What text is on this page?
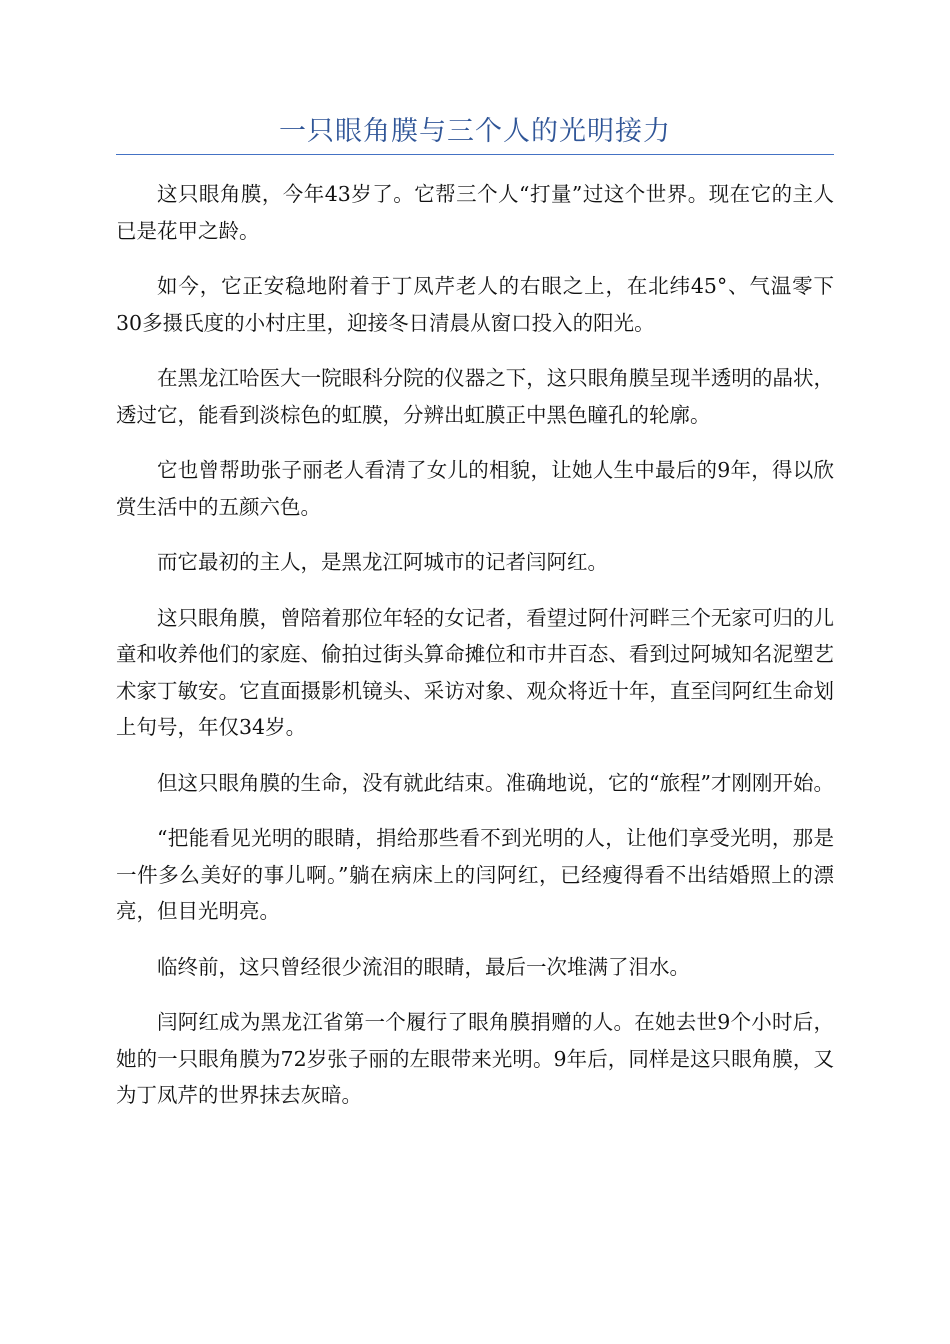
一只眼角膜与三个人的光明接力

这只眼角膜，今年43岁了。它帮三个人“打量”过这个世界。现在它的主人已是花甲之龄。

如今，它正安稳地附着于丁凤芹老人的右眼之上，在北纬45°、气温零下30多摄氏度的小村庄里，迎接冬日清晨从窗口投入的阳光。

在黑龙江哈医大一院眼科分院的仪器之下，这只眼角膜呈现半透明的晶状，透过它，能看到淡棕色的虹膜，分辨出虹膜正中黑色瞳孔的轮廓。

它也曾帮助张子丽老人看清了女儿的相貌，让她人生中最后的9年，得以欣赏生活中的五颜六色。

而它最初的主人，是黑龙江阿城市的记者闫阿红。

这只眼角膜，曾陪着那位年轻的女记者，看望过阿什河畔三个无家可归的儿童和收养他们的家庭、偷拍过街头算命摊位和市井百态、看到过阿城知名泥塑艺术家丁敏安。它直面摄影机镜头、采访对象、观众将近十年，直至闫阿红生命划上句号，年仅34岁。

但这只眼角膜的生命，没有就此结束。准确地说，它的“旅程”才刚刚开始。

“把能看见光明的眼睛，捐给那些看不到光明的人，让他们享受光明，那是一件多么美好的事儿啊。”躺在病床上的闫阿红，已经瘦得看不出结婚照上的漂亮，但目光明亮。

临终前，这只曾经很少流泪的眼睛，最后一次堆满了泪水。

闫阿红成为黑龙江省第一个履行了眼角膜捐赠的人。在她去世9个小时后，她的一只眼角膜为72岁张子丽的左眼带来光明。9年后，同样是这只眼角膜，又为丁凤芹的世界抹去灰暗。
